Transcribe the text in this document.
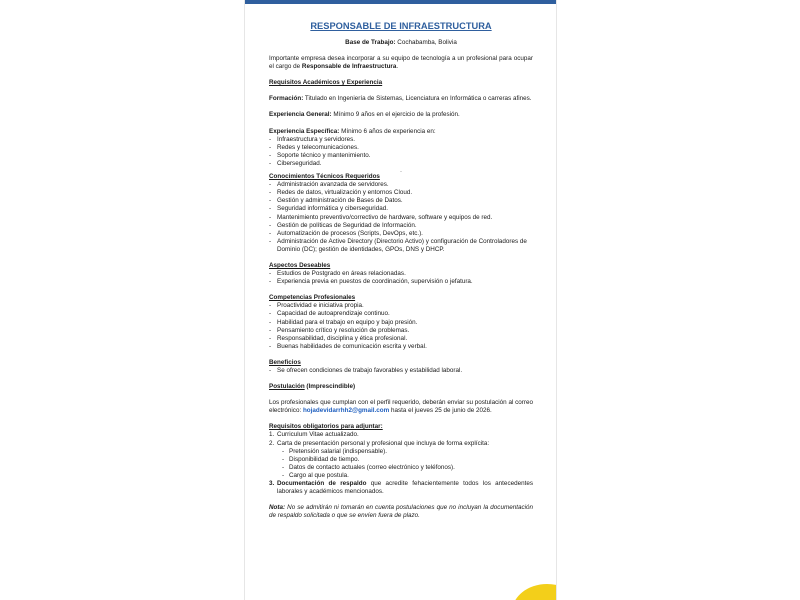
RESPONSABLE DE INFRAESTRUCTURA
Base de Trabajo: Cochabamba, Bolivia
Importante empresa desea incorporar a su equipo de tecnología a un profesional para ocupar el cargo de Responsable de Infraestructura.
Requisitos Académicos y Experiencia
Formación: Titulado en Ingeniería de Sistemas, Licenciatura en Informática o carreras afines.
Experiencia General: Mínimo 9 años en el ejercicio de la profesión.
Experiencia Específica: Mínimo 6 años de experiencia en:
- Infraestructura y servidores.
- Redes y telecomunicaciones.
- Soporte técnico y mantenimiento.
- Ciberseguridad.
.
Conocimientos Técnicos Requeridos
- Administración avanzada de servidores.
- Redes de datos, virtualización y entornos Cloud.
- Gestión y administración de Bases de Datos.
- Seguridad informática y ciberseguridad.
- Mantenimiento preventivo/correctivo de hardware, software y equipos de red.
- Gestión de políticas de Seguridad de Información.
- Automatización de procesos (Scripts, DevOps, etc.).
- Administración de Active Directory (Directorio Activo) y configuración de Controladores de Dominio (DC); gestión de identidades, GPOs, DNS y DHCP.
Aspectos Deseables
- Estudios de Postgrado en áreas relacionadas.
- Experiencia previa en puestos de coordinación, supervisión o jefatura.
Competencias Profesionales
- Proactividad e iniciativa propia.
- Capacidad de autoaprendizaje continuo.
- Habilidad para el trabajo en equipo y bajo presión.
- Pensamiento crítico y resolución de problemas.
- Responsabilidad, disciplina y ética profesional.
- Buenas habilidades de comunicación escrita y verbal.
Beneficios
- Se ofrecen condiciones de trabajo favorables y estabilidad laboral.
Postulación (Imprescindible)
Los profesionales que cumplan con el perfil requerido, deberán enviar su postulación al correo electrónico: hojadevidarrhh2@gmail.com hasta el jueves 25 de junio de 2026.
Requisitos obligatorios para adjuntar:
1. Curriculum Vitae actualizado.
2. Carta de presentación personal y profesional que incluya de forma explícita:
- Pretensión salarial (indispensable).
- Disponibilidad de tiempo.
- Datos de contacto actuales (correo electrónico y teléfonos).
- Cargo al que postula.
3. Documentación de respaldo que acredite fehacientemente todos los antecedentes laborales y académicos mencionados.
Nota: No se admitirán ni tomarán en cuenta postulaciones que no incluyan la documentación de respaldo solicitada o que se envíen fuera de plazo.
